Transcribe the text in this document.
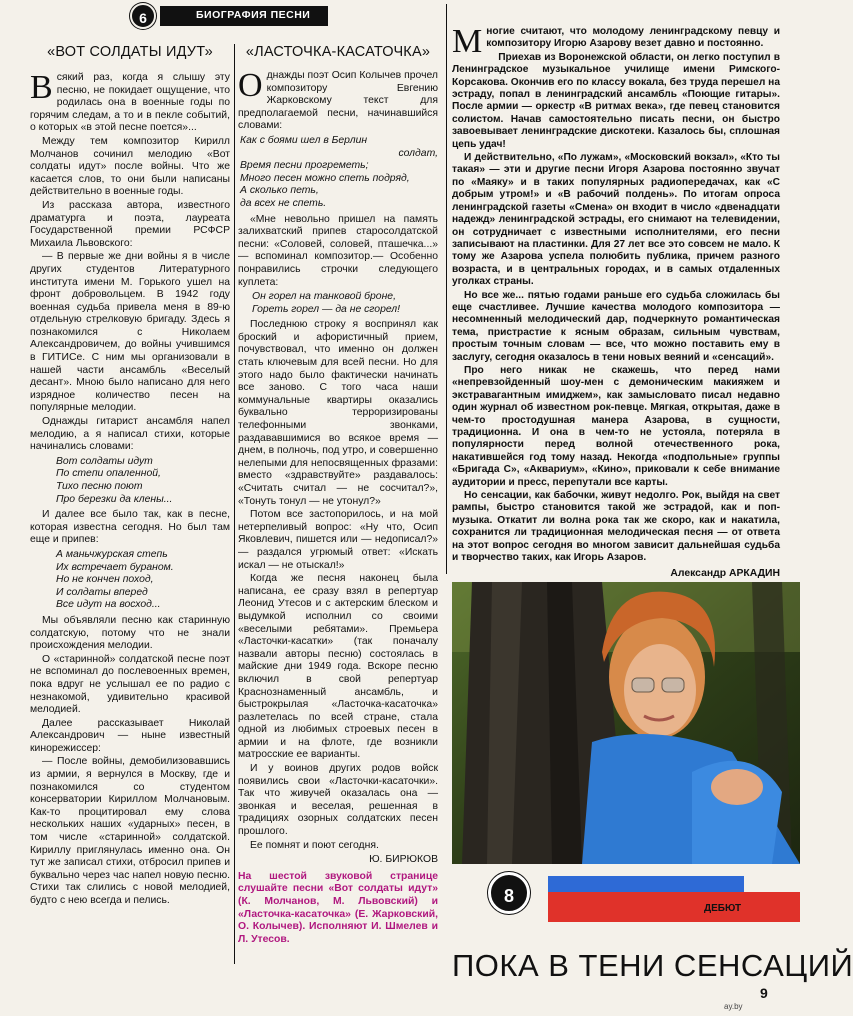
6	БИОГРАФИЯ ПЕСНИ
«ВОТ СОЛДАТЫ ИДУТ»

Всякий раз, когда я слышу эту песню, не покидает ощущение, что родилась она в военные годы по горячим следам, а то и в пекле событий, о которых «в этой песне поется»...

Между тем композитор Кирилл Молчанов сочинил мелодию «Вот солдаты идут» после войны. Что же касается слов, то они были написаны действительно в военные годы.

Из рассказа автора, известного драматурга и поэта, лауреата Государственной премии РСФСР Михаила Львовского:

— В первые же дни войны я в числе других студентов Литературного института имени М. Горького ушел на фронт добровольцем. В 1942 году военная судьба привела меня в 89-ю отдельную стрелковую бригаду. Здесь я познакомился с Николаем Александровичем, до войны учившимся в ГИТИСе. С ним мы организовали в нашей части ансамбль «Веселый десант». Мною было написано для него изрядное количество песен на популярные мелодии.

Однажды гитарист ансамбля напел мелодию, а я написал стихи, которые начинались словами:

Вот солдаты идут
По степи опаленной,
Тихо песню поют
Про березки да клены...

И далее все было так, как в песне, которая известна сегодня. Но был там еще и припев:

А маньчжурская степь
Их встречает бураном.
Но не кончен поход,
И солдаты вперед
Все идут на восход...

Мы объявляли песню как старинную солдатскую, потому что не знали происхождения мелодии.

О «старинной» солдатской песне поэт не вспоминал до послевоенных времен, пока вдруг не услышал ее по радио с незнакомой, удивительно красивой мелодией.

Далее рассказывает Николай Александрович — ныне известный кинорежиссер:

— После войны, демобилизовавшись из армии, я вернулся в Москву, где и познакомился со студентом консерватории Кириллом Молчановым. Как-то процитировал ему слова нескольких наших «ударных» песен, в том числе «старинной» солдатской. Кириллу приглянулась именно она. Он тут же записал стихи, отбросил припев и буквально через час напел новую песню. Стихи так слились с новой мелодией, будто с нею всегда и пелись.

«ЛАСТОЧКА-КАСАТОЧКА»

Однажды поэт Осип Колычев прочел композитору Евгению Жарковскому текст для предполагаемой песни, начинавшийся словами:

Как с боями шел в Берлин
солдат,
Время песни прогреметь;
Много песен можно спеть подряд,
А сколько петь,
да всех не спеть.

«Мне невольно пришел на память залихватский припев старосолдатской песни: «Соловей, соловей, пташечка...» — вспоминал композитор.— Особенно понравились строчки следующего куплета:

Он горел на танковой броне,
Гореть горел — да не сгорел!

Последнюю строку я воспринял как броский и афористичный прием, почувствовал, что именно он должен стать ключевым для всей песни. Но для этого надо было фактически начинать все заново. С того часа наши коммунальные квартиры оказались буквально терроризированы телефонными звонками, раздававшимися во всякое время — днем, в полночь, под утро, и совершенно нелепыми для непосвященных фразами: вместо «здравствуйте» раздавалось: «Считать считал — не сосчитал?», «Тонуть тонул — не утонул?»

Потом все застопорилось, и на мой нетерпеливый вопрос: «Ну что, Осип Яковлевич, пишется или — недописал?» — раздался угрюмый ответ: «Искать искал — не отыскал!»

Когда же песня наконец была написана, ее сразу взял в репертуар Леонид Утесов и с актерским блеском и выдумкой исполнил со своими «веселыми ребятами». Премьера «Ласточки-касатки» (так поначалу назвали авторы песню) состоялась в майские дни 1949 года. Вскоре песню включил в свой репертуар Краснознаменный ансамбль, и быстрокрылая «Ласточка-касаточка» разлетелась по всей стране, стала одной из любимых строевых песен в армии и на флоте, где возникли матросские ее варианты.

И у воинов других родов войск появились свои «Ласточки-касаточки». Так что живучей оказалась она — звонкая и веселая, решенная в традициях озорных солдатских песен прошлого.

Ее помнят и поют сегодня.

Ю. БИРЮКОВ
На шестой звуковой странице слушайте песни «Вот солдаты идут» (К. Молчанов, М. Львовский) и «Ласточка-касаточка» (Е. Жарковский, О. Колычев). Исполняют И. Шмелев и Л. Утесов.

Многие считают, что молодому ленинградскому певцу и композитору Игорю Азарову везет давно и постоянно.

Приехав из Воронежской области, он легко поступил в Ленинградское музыкальное училище имени Римского-Корсакова. Окончив его по классу вокала, без труда перешел на эстраду, попал в ленинградский ансамбль «Поющие гитары». После армии — оркестр «В ритмах века», где певец становится солистом. Начав самостоятельно писать песни, он быстро завоевывает ленинградские дискотеки. Казалось бы, сплошная цепь удач!

И действительно, «По лужам», «Московский вокзал», «Кто ты такая» — эти и другие песни Игоря Азарова постоянно звучат по «Маяку» и в таких популярных радиопередачах, как «С добрым утром!» и «В рабочий полдень». По итогам опроса ленинградской газеты «Смена» он входит в число «двенадцати надежд» ленинградской эстрады, его снимают на телевидении, он сотрудничает с известными исполнителями, его песни записывают на пластинки. Для 27 лет все это совсем не мало. К тому же Азарова успела полюбить публика, причем разного возраста, и в центральных городах, и в самых отдаленных уголках страны.

Но все же... пятью годами раньше его судьба сложилась бы еще счастливее. Лучшие качества молодого композитора — несомненный мелодический дар, подчеркнуто романтическая тема, пристрастие к ясным образам, сильным чувствам, простым точным словам — все, что можно поставить ему в заслугу, сегодня оказалось в тени новых веяний и «сенсаций».

Про него никак не скажешь, что перед нами «непревзойденный шоу-мен с демоническим макияжем и экстравагантным имиджем», как замысловато писал недавно один журнал об известном рок-певце. Мягкая, открытая, даже в чем-то простодушная манера Азарова, в сущности, традиционна. И она в чем-то не устояла, потеряла в популярности перед волной отечественного рока, накатившейся год тому назад. Некогда «подпольные» группы «Бригада С», «Аквариум», «Кино», приковали к себе внимание аудитории и пресс, перепутали все карты.

Но сенсации, как бабочки, живут недолго. Рок, выйдя на свет рампы, быстро становится такой же эстрадой, как и поп-музыка. Откатит ли волна рока так же скоро, как и накатила, сохранится ли традиционная мелодическая песня — от ответа на этот вопрос сегодня во многом зависит дальнейшая судьба и творчество таких, как Игорь Азаров.

Александр АРКАДИН
ДЕБЮТ
8
ПОКА В ТЕНИ СЕНСАЦИЙ
9
ay.by
